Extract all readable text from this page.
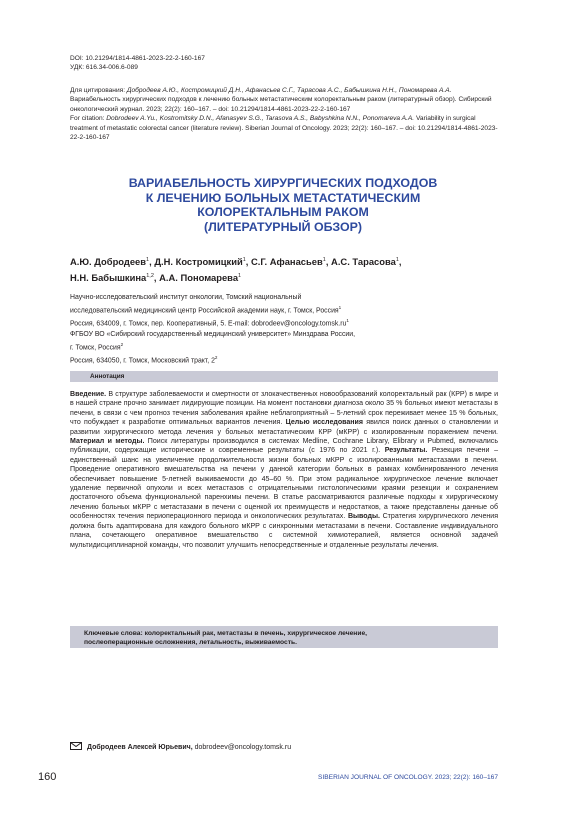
DOI: 10.21294/1814-4861-2023-22-2-160-167
УДК: 616.34-006.6-089

Для цитирования: Добродеев А.Ю., Костромицкий Д.Н., Афанасьев С.Г., Тарасова А.С., Бабышкина Н.Н., Пономарева А.А. Вариабельность хирургических подходов к лечению больных метастатическим колоректальным раком (литературный обзор). Сибирский онкологический журнал. 2023; 22(2): 160–167. – doi: 10.21294/1814-4861-2023-22-2-160-167

For citation: Dobrodeev A.Yu., Kostromitsky D.N., Afanasyev S.G., Tarasova A.S., Babyshkina N.N., Ponomareva A.A. Variability in surgical treatment of metastatic colorectal cancer (literature review). Siberian Journal of Oncology. 2023; 22(2): 160–167. – doi: 10.21294/1814-4861-2023-22-2-160-167

ВАРИАБЕЛЬНОСТЬ ХИРУРГИЧЕСКИХ ПОДХОДОВ
К ЛЕЧЕНИЮ БОЛЬНЫХ МЕТАСТАТИЧЕСКИМ
КОЛОРЕКТАЛЬНЫМ РАКОМ
(ЛИТЕРАТУРНЫЙ ОБЗОР)
А.Ю. Добродеев$^1$, Д.Н. Костромицкий$^1$, С.Г. Афанасьев$^1$, А.С. Тарасова$^1$,
Н.Н. Бабышкина$^{1,2}$, А.А. Пономарева$^1$
Научно-исследовательский институт онкологии, Томский национальный
исследовательский медицинский центр Российской академии наук, г. Томск, Россия$^1$
Россия, 634009, г. Томск, пер. Кооперативный, 5. E-mail: $dobrodeev@oncology.tomsk.ru^1$
ФГБОУ ВО «Сибирский государственный медицинский университет» Минздрава России,
г. Томск, Россия$^2$
Россия, 634050, г. Томск, Московский тракт, $2^2$
Аннотация

Введение. В структуре заболеваемости и смертности от злокачественных новообразований колоректальный рак (КРР) в мире и в нашей стране прочно занимает лидирующие позиции. На момент постановки диагноза около 35 % больных имеют метастазы в печени, в связи с чем прогноз течения заболевания крайне неблагоприятный – 5-летний срок переживает менее 15 % больных, что побуждает к разработке оптимальных вариантов лечения. Целью исследования явился поиск данных о становлении и развитии хирургического метода лечения у больных метастатическим КРР (мКРР) с изолированным поражением печени. Материал и методы. Поиск литературы производился в системах Medline, Cochrane Library, Elibrary и Pubmed, включались публикации, содержащие исторические и современные результаты (с 1976 по 2021 г.). Результаты. Резекция печени – единственный шанс на увеличение продолжительности жизни больных мКРР с изолированными метастазами в печени. Проведение оперативного вмешательства на печени у данной категории больных в рамках комбинированного лечения обеспечивает повышение 5-летней выживаемости до 45–60 %. При этом радикальное хирургическое лечение включает удаление первичной опухоли и всех метастазов с отрицательными гистологическими краями резекции и сохранением достаточного объема функциональной паренхимы печени. В статье рассматриваются различные подходы к хирургическому лечению больных мКРР с метастазами в печени с оценкой их преимуществ и недостатков, а также представлены данные об особенностях течения периоперационного периода и онкологических результатах. Выводы. Стратегия хирургического лечения должна быть адаптирована для каждого больного мКРР с синхронными метастазами в печени. Составление индивидуального плана, сочетающего оперативное вмешательство с системной химиотерапией, является основной задачей мультидисциплинарной команды, что позволит улучшить непосредственные и отдаленные результаты лечения.

Ключевые слова: колоректальный рак, метастазы в печень, хирургическое лечение,
послеоперационные осложнения, летальность, выживаемость.
Добродеев Алексей Юрьевич, dobrodeev@oncology.tomsk.ru
160	SIBERIAN JOURNAL OF ONCOLOGY. 2023; 22(2): 160–167
